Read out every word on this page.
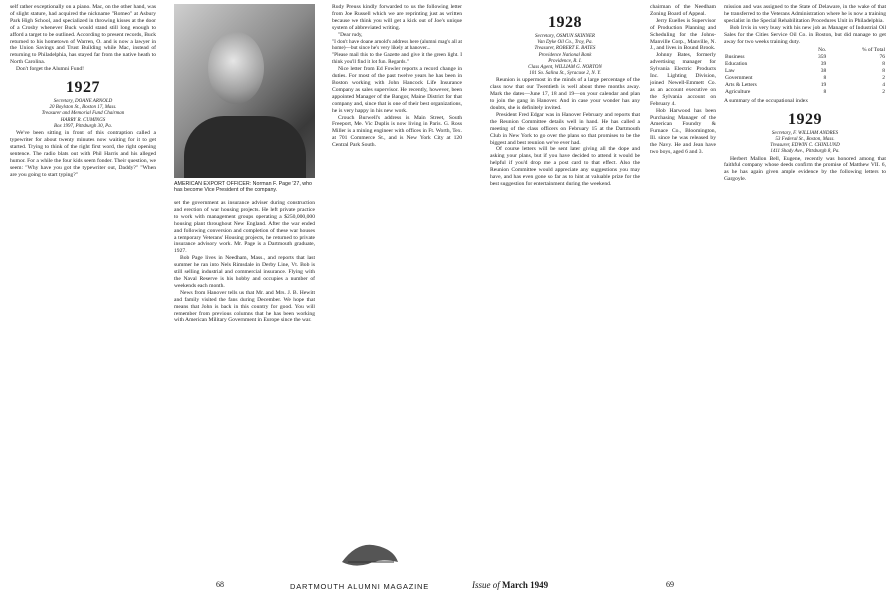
self rather exceptionally on a piano. Mac, on the other hand, was of slight stature, had acquired the nickname "Romeo" at Asbury Park High School, and specialized in throwing kisses at the door of a Crosby whenever Buck would stand still long enough to afford a target to be outlined. According to present records, Buck returned to his hometown of Warren, O. and is now a lawyer in the Union Savings and Trust Building while Mac, instead of returning to Philadelphia, has stayed far from the native heath to North Carolina.

Don't forget the Alumni Fund!

1927
Secretary, DOANE ARNOLD
20 Boylston St., Boston 17, Mass.
Treasurer and Memorial Fund Chairman
HARRY R. CUMINGS
Box 1997, Pittsburgh 30, Pa.

We've been sitting in front of this contraption called a typewriter for about twenty minutes now waiting for it to get started. Trying to think of the right first word, the right opening sentence. The radio blats out with Phil Harris and his alleged humor. For a while the four kids seem fonder. Their question, we seem: "Why have you got the typewriter out, Daddy?" "When are you going to start typing?"

AMERICAN EXPORT OFFICER: Norman F. Page '27, who has become Vice President of the company.

set the government as insurance adviser during construction and erection of war housing projects. He left private practice to work with management groups operating a $250,000,000 housing plant throughout New England. After the war ended and following conversion and completion of these war houses a temporary Veterans' Housing projects, he returned to private insurance advisory work. Mr. Page is a Dartmouth graduate, 1927.

Bob Page lives in Needham, Mass., and reports that last summer he ran into Nels Rimsdale in Derby Line, Vt. Bob is still selling industrial and commercial insurance. Flying with the Naval Reserve is his hobby and occupies a number of weekends each month.

News from Hanover tells us that Mr. and Mrs. J. B. Hewitt and family visited the fans during December. We hope that means that John is back in this country for good. You will remember from previous columns that he has been working with American Military Government in Europe since the war.

Rudy Preuss kindly forwarded to us the following letter from Joe Russell which we are reprinting just as written because we think you will get a kick out of Joe's unique system of abbreviated writing.

"Dear rudy,
"I don't have doane arnold's address here (alumni mag's all at home)—but since he's very likely at hanover...
"Please mail this to the Gazette and give it the green light. I think you'll find it lot fun. Regards."

Nice letter from Ed Fowler reports a record change in duties. For most of the past twelve years he has been in Boston working with John Hancock Life Insurance Company as sales supervisor. He recently, however, been appointed Manager of the Bangor, Maine District for that company and, since that is one of their best organizations, he is very happy in his new work.

Crouch Burwell's address is Main Street, South Freeport, Me. Vic Duplis is now living in Paris. G. Ross Miller is a mining engineer with offices in Ft. Worth, Tex. at 701 Commerce St., and is New York City at 120 Central Park South.

1928
Secretary, OSMUN SKINNER
Van Dyke Oil Co., Troy, Pa.
Treasurer, ROBERT E. BATES
Providence National Bank
Providence, R. I.
Class Agent, WILLIAM G. NORTON
101 So. Salina St., Syracuse 2, N. Y.

Reunion is uppermost in the minds of a large percentage of the class now that our Twentieth is well about three months away. Mark the dates—June 17, 18 and 19—on your calendar and plan to join the gang in Hanover. And in case your wonder has any doubts, she is definitely invited.

President Fred Edgar was in Hanover February and reports that the Reunion Committee details well in hand. He has called a meeting of the class officers on February 15 at the Dartmouth Club in New York to go over the plans so that promises to be the biggest and best reunion we've ever had.

Of course letters will be sent later giving all the dope and asking your plans, but if you have decided to attend it would be helpful if you'd drop me a post card to that effect. Also the Reunion Committee would appreciate any suggestions you may have, and has even gone so far as to hint at valuable prize for the best suggestion for entertainment during the weekend.

chairman of the Needham Zoning Board of Appeal.

Jerry Euelles is Supervisor of Production Planning and Scheduling for the Johns-Manville Corp., Manville, N. J., and lives in Bound Brook.

Johnny Bates, formerly advertising manager for Sylvania Electric Products Inc. Lighting Division, joined Newell-Emmett Co. as an account executive on the Sylvania account on February 4.

Hob Harwood has been Purchasing Manager of the American Foundry & Furnace Co., Bloomington, Ill. since he was released by the Navy. He and Jean have two boys, aged 6 and 3.

mission and was assigned to the State of Delaware, in the wake of that he transferred to the Veterans Administration where he is now a training specialist in the Special Rehabilitation Procedures Unit in Philadelphia.

Bob Irvis in very busy with his new job as Manager of Industrial Oil Sales for the Cities Service Oil Co. in Boston, but did manage to get away for two weeks training duty.

	No.	% of Total
Business	359	76
Education	39	8
Law	38	8
Government	8	2
Arts & Letters	19	4
Agriculture	8	2

A summary of the occupational index

1929
Secretary, F. WILLIAM ANDRES
53 Federal St., Boston, Mass.
Treasurer, EDWIN C. CHINLUND
1411 Shady Ave., Pittsburgh 8, Pa.

Herbert Mallon Bell, Eugene, recently was honored among that faithful company whose deeds confirm the promise of Matthew VII. 6, as he has again given ample evidence by the following letters to Gargoyle.

68	DARTMOUTH ALUMNI MAGAZINE	Issue of March 1949	69
